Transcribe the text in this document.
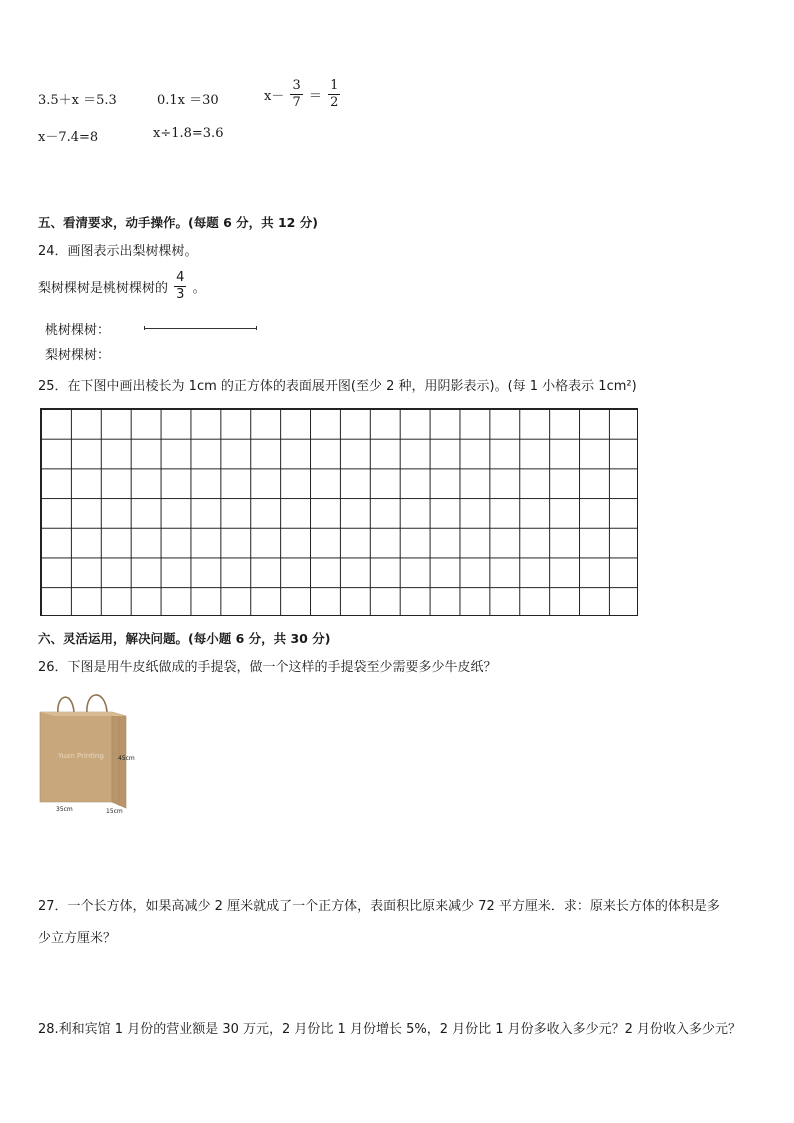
3.5＋x ＝5.3	0.1x ＝30	$x- \frac{3}{7} = \frac{1}{2}$
x－7.4=8	x÷1.8=3.6
五、看清要求，动手操作。(每题 6 分，共 12 分)
24．画图表示出梨树棵树。
梨树棵树是桃树棵树的 $\frac{4}{3}$ 。
桃树棵树：
梨树棵树：
25．在下图中画出棱长为 1cm 的正方体的表面展开图(至少 2 种，用阴影表示)。(每 1 小格表示 1cm²)
六、灵活运用，解决问题。(每小题 6 分，共 30 分)
26．下图是用牛皮纸做成的手提袋，做一个这样的手提袋至少需要多少牛皮纸？
Yuan Printing 45cm
35cm	15cm
27．一个长方体，如果高减少 2 厘米就成了一个正方体，表面积比原来减少 72 平方厘米．求：原来长方体的体积是多
少立方厘米？
28.利和宾馆 1 月份的营业额是 30 万元，2 月份比 1 月份增长 5%，2 月份比 1 月份多收入多少元？2 月份收入多少元？
